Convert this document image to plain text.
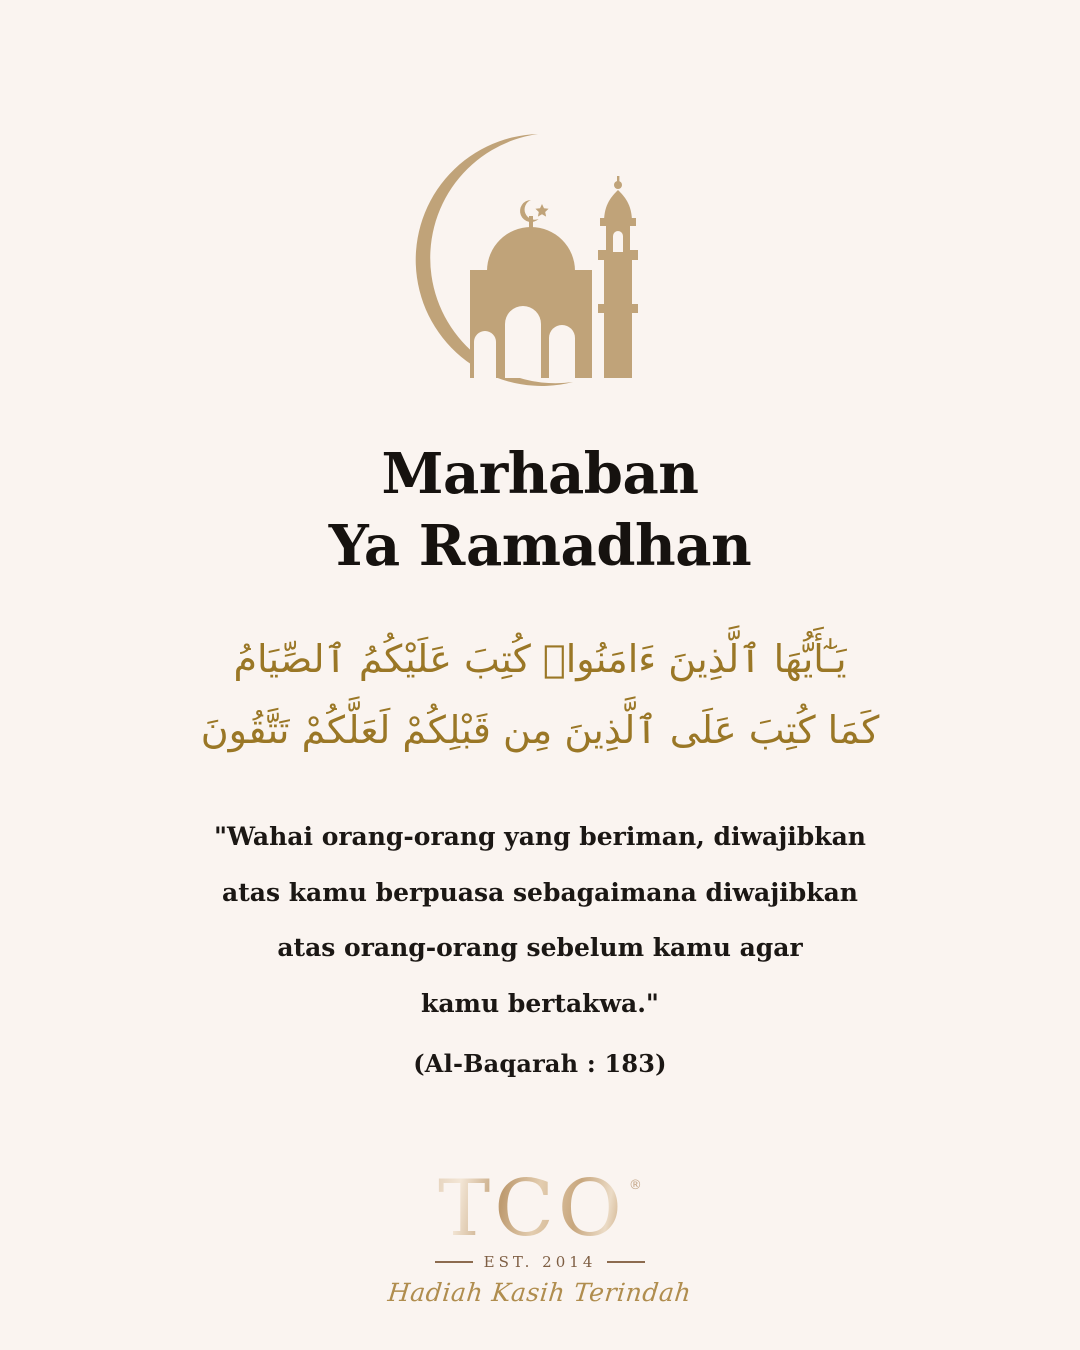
Marhaban
Ya Ramadhan
يَـٰٓأَيُّهَا ٱلَّذِينَ ءَامَنُوا۟ كُتِبَ عَلَيْكُمُ ٱلصِّيَامُ
كَمَا كُتِبَ عَلَى ٱلَّذِينَ مِن قَبْلِكُمْ لَعَلَّكُمْ تَتَّقُونَ
"Wahai orang-orang yang beriman, diwajibkan
atas kamu berpuasa sebagaimana diwajibkan
atas orang-orang sebelum kamu agar
kamu bertakwa."
(Al-Baqarah : 183)
TCO ®
EST. 2014
Hadiah Kasih Terindah
